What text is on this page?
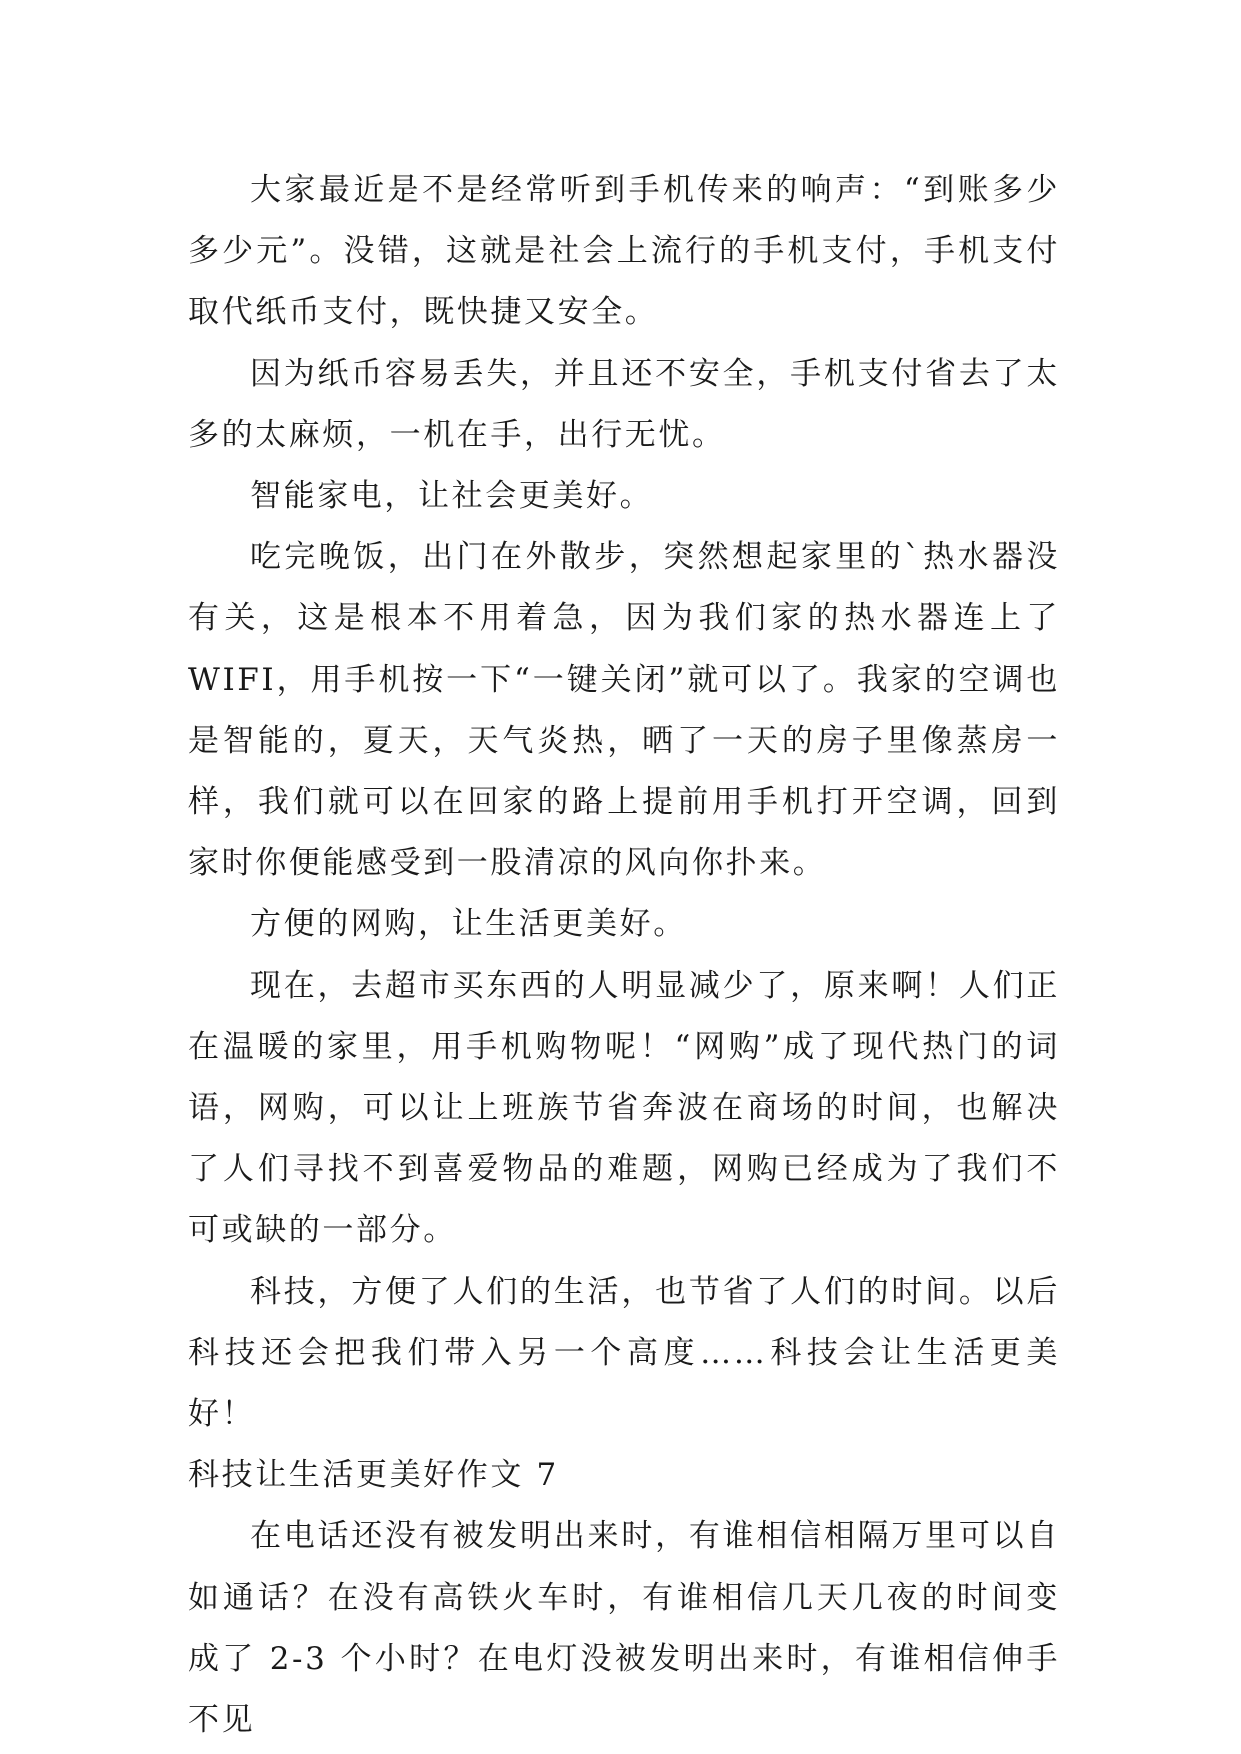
大家最近是不是经常听到手机传来的响声：“到账多少多少元”。没错，这就是社会上流行的手机支付，手机支付取代纸币支付，既快捷又安全。

因为纸币容易丢失，并且还不安全，手机支付省去了太多的太麻烦，一机在手，出行无忧。

智能家电，让社会更美好。

吃完晚饭，出门在外散步，突然想起家里的`热水器没有关，这是根本不用着急，因为我们家的热水器连上了WIFI，用手机按一下“一键关闭”就可以了。我家的空调也是智能的，夏天，天气炎热，晒了一天的房子里像蒸房一样，我们就可以在回家的路上提前用手机打开空调，回到家时你便能感受到一股清凉的风向你扑来。

方便的网购，让生活更美好。

现在，去超市买东西的人明显减少了，原来啊！人们正在温暖的家里，用手机购物呢！“网购”成了现代热门的词语，网购，可以让上班族节省奔波在商场的时间，也解决了人们寻找不到喜爱物品的难题，网购已经成为了我们不可或缺的一部分。

科技，方便了人们的生活，也节省了人们的时间。以后科技还会把我们带入另一个高度……科技会让生活更美好！

科技让生活更美好作文 7

在电话还没有被发明出来时，有谁相信相隔万里可以自如通话？在没有高铁火车时，有谁相信几天几夜的时间变成了 2-3 个小时？在电灯没被发明出来时，有谁相信伸手不见
